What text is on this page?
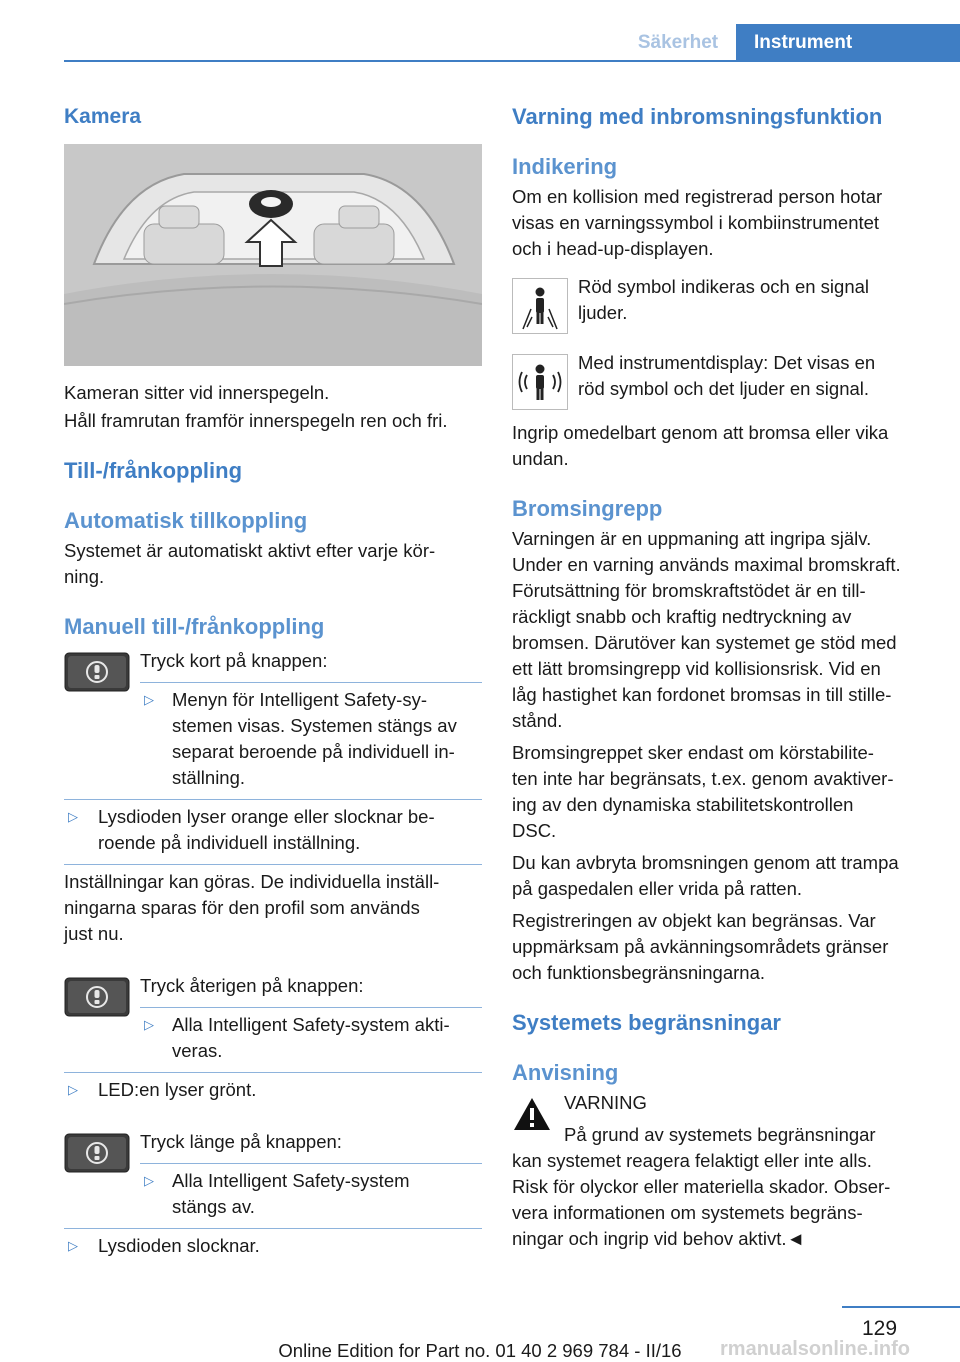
Säkerhet	Instrument
Kamera
Kameran sitter vid innerspegeln.
Håll framrutan framför innerspegeln ren och fri.
Till-/frånkoppling
Automatisk tillkoppling
Systemet är automatiskt aktivt efter varje kör-
ning.
Manuell till-/frånkoppling
Tryck kort på knappen:
▷ Menyn för Intelligent Safety-sy-
stemen visas. Systemen stängs av
separat beroende på individuell in-
ställning.
▷ Lysdioden lyser orange eller slocknar be-
roende på individuell inställning.
Inställningar kan göras. De individuella inställ-
ningarna sparas för den profil som används
just nu.
Tryck återigen på knappen:
▷ Alla Intelligent Safety-system akti-
veras.
▷ LED:en lyser grönt.
Tryck länge på knappen:
▷ Alla Intelligent Safety-system
stängs av.
▷ Lysdioden slocknar.
Varning med inbromsningsfunktion
Indikering
Om en kollision med registrerad person hotar
visas en varningssymbol i kombiinstrumentet
och i head-up-displayen.
Röd symbol indikeras och en signal
ljuder.
Med instrumentdisplay: Det visas en
röd symbol och det ljuder en signal.
Ingrip omedelbart genom att bromsa eller vika
undan.
Bromsingrepp
Varningen är en uppmaning att ingripa själv.
Under en varning används maximal bromskraft.
Förutsättning för bromskraftstödet är en till-
räckligt snabb och kraftig nedtryckning av
bromsen. Därutöver kan systemet ge stöd med
ett lätt bromsingrepp vid kollisionsrisk. Vid en
låg hastighet kan fordonet bromsas in till stille-
stånd.
Bromsingreppet sker endast om körstabilite-
ten inte har begränsats, t.ex. genom avaktiver-
ing av den dynamiska stabilitetskontrollen
DSC.
Du kan avbryta bromsningen genom att trampa
på gaspedalen eller vrida på ratten.
Registreringen av objekt kan begränsas. Var
uppmärksam på avkänningsområdets gränser
och funktionsbegränsningarna.
Systemets begränsningar
Anvisning
VARNING
På grund av systemets begränsningar
kan systemet reagera felaktigt eller inte alls.
Risk för olyckor eller materiella skador. Obser-
vera informationen om systemets begräns-
ningar och ingrip vid behov aktivt.◄
129
rmanualsonline.info
Online Edition for Part no. 01 40 2 969 784 - II/16
